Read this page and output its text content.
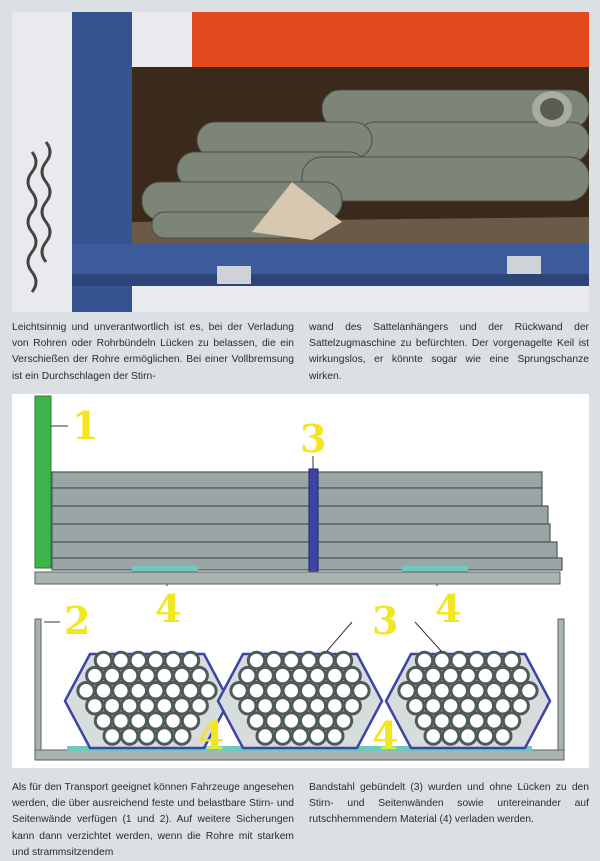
Leichtsinnig und unverantwortlich ist es, bei der Verladung von Rohren oder Rohrbündeln Lücken zu belassen, die ein Verschießen der Rohre ermöglichen. Bei einer Vollbremsung ist ein Durchschlagen der Stirn-
wand des Sattelanhängers und der Rückwand der Sattelzugmaschine zu befürchten. Der vorgenagelte Keil ist wirkungslos, er könnte sogar wie eine Sprungschanze wirken.
1	3
4	4
2	3
4	4
Als für den Transport geeignet können Fahrzeuge angesehen werden, die über ausreichend feste und belastbare Stirn- und Seitenwände verfügen (1 und 2). Auf weitere Sicherungen kann dann verzichtet werden, wenn die Rohre mit starkem und strammsitzendem
Bandstahl gebündelt (3) wurden und ohne Lücken zu den Stirn- und Seitenwänden sowie untereinander auf rutschhemmendem Material (4) verladen werden.
